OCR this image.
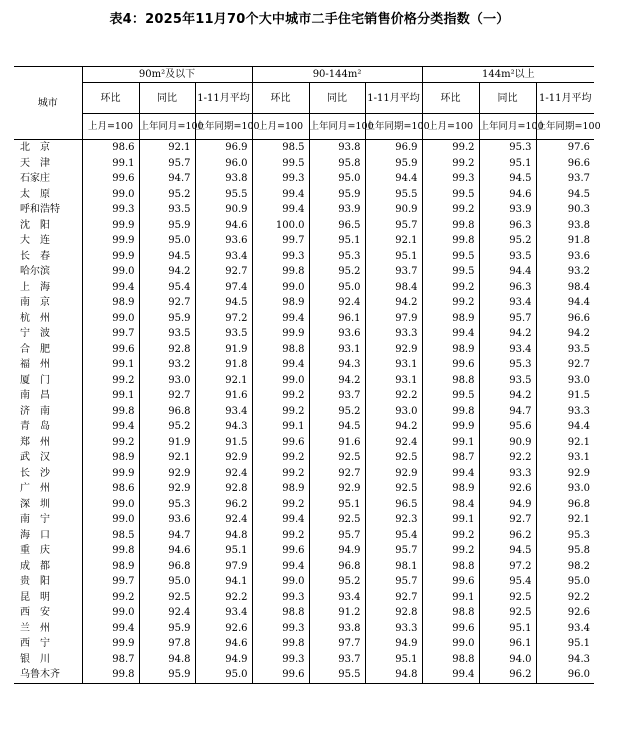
表4：2025年11月70个大中城市二手住宅销售价格分类指数（一）
城市	90m²及以下			90-144m²			144m²以上		
	环比	同比	1-11月平均	环比	同比	1-11月平均	环比	同比	1-11月平均
	上月=100	上年同月=100	上年同期=100	上月=100	上年同月=100	上年同期=100	上月=100	上年同月=100	上年同期=100
北　京	98.6	92.1	96.9	98.5	93.8	96.9	99.2	95.3	97.6
天　津	99.1	95.7	96.0	99.5	95.8	95.9	99.2	95.1	96.6
石家庄	99.6	94.7	93.8	99.3	95.0	94.4	99.3	94.5	93.7
太　原	99.0	95.2	95.5	99.4	95.9	95.5	99.5	94.6	94.5
呼和浩特	99.3	93.5	90.9	99.4	93.9	90.9	99.2	93.9	90.3
沈　阳	99.9	95.9	94.6	100.0	96.5	95.7	99.8	96.3	93.8
大　连	99.9	95.0	93.6	99.7	95.1	92.1	99.8	95.2	91.8
长　春	99.9	94.5	93.4	99.3	95.3	95.1	99.5	93.5	93.6
哈尔滨	99.0	94.2	92.7	99.8	95.2	93.7	99.5	94.4	93.2
上　海	99.4	95.4	97.4	99.0	95.0	98.4	99.2	96.3	98.4
南　京	98.9	92.7	94.5	98.9	92.4	94.2	99.2	93.4	94.4
杭　州	99.0	95.9	97.2	99.4	96.1	97.9	98.9	95.7	96.6
宁　波	99.7	93.5	93.5	99.9	93.6	93.3	99.4	94.2	94.2
合　肥	99.6	92.8	91.9	98.8	93.1	92.9	98.9	93.4	93.5
福　州	99.1	93.2	91.8	99.4	94.3	93.1	99.6	95.3	92.7
厦　门	99.2	93.0	92.1	99.0	94.2	93.1	98.8	93.5	93.0
南　昌	99.1	92.7	91.6	99.2	93.7	92.2	99.5	94.2	91.5
济　南	99.8	96.8	93.4	99.2	95.2	93.0	99.8	94.7	93.3
青　岛	99.4	95.2	94.3	99.1	94.5	94.2	99.9	95.6	94.4
郑　州	99.2	91.9	91.5	99.6	91.6	92.4	99.1	90.9	92.1
武　汉	98.9	92.1	92.9	99.2	92.5	92.5	98.7	92.2	93.1
长　沙	99.9	92.9	92.4	99.2	92.7	92.9	99.4	93.3	92.9
广　州	98.6	92.9	92.8	98.9	92.9	92.5	98.9	92.6	93.0
深　圳	99.0	95.3	96.2	99.2	95.1	96.5	98.4	94.9	96.8
南　宁	99.0	93.6	92.4	99.4	92.5	92.3	99.1	92.7	92.1
海　口	98.5	94.7	94.8	99.2	95.7	95.4	99.2	96.2	95.3
重　庆	99.8	94.6	95.1	99.6	94.9	95.7	99.2	94.5	95.8
成　都	98.9	96.8	97.9	99.4	96.8	98.1	98.8	97.2	98.2
贵　阳	99.7	95.0	94.1	99.0	95.2	95.7	99.6	95.4	95.0
昆　明	99.2	92.5	92.2	99.3	93.4	92.7	99.1	92.5	92.2
西　安	99.0	92.4	93.4	98.8	91.2	92.8	98.8	92.5	92.6
兰　州	99.4	95.9	92.6	99.3	93.8	93.3	99.6	95.1	93.4
西　宁	99.9	97.8	94.6	99.8	97.7	94.9	99.0	96.1	95.1
银　川	98.7	94.8	94.9	99.3	93.7	95.1	98.8	94.0	94.3
乌鲁木齐	99.8	95.9	95.0	99.6	95.5	94.8	99.4	96.2	96.0
